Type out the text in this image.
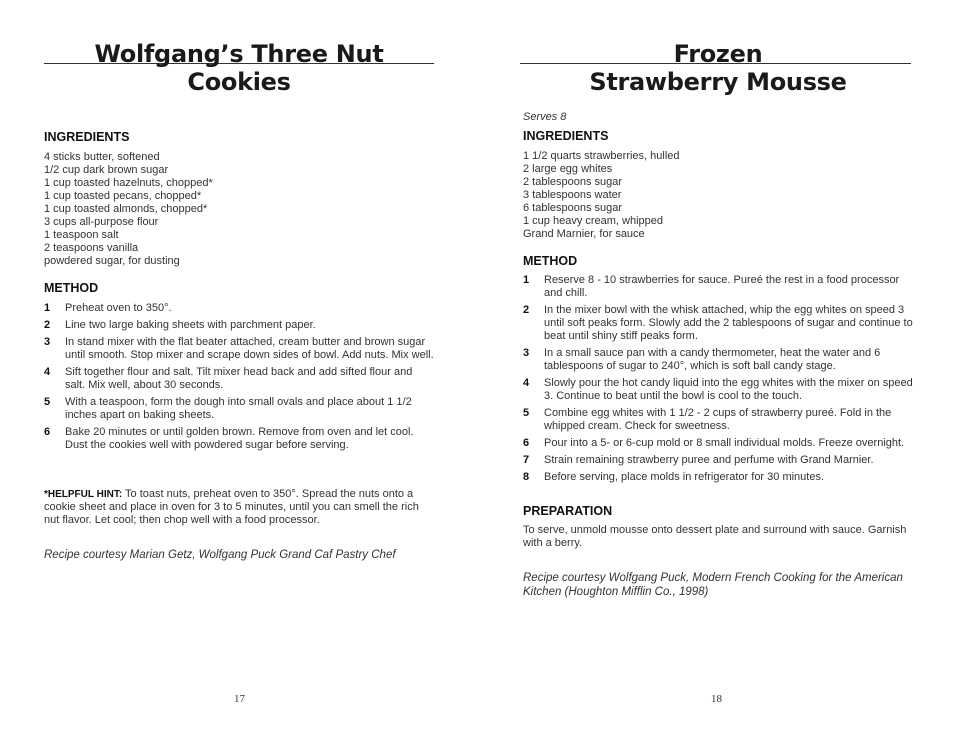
Wolfgang’s Three Nut
Cookies
INGREDIENTS
4 sticks butter, softened
1/2 cup dark brown sugar
1 cup toasted hazelnuts, chopped*
1 cup toasted pecans, chopped*
1 cup toasted almonds, chopped*
3 cups all-purpose flour
1 teaspoon salt
2 teaspoons vanilla
powdered sugar, for dusting
METHOD
1 Preheat oven to 350°.
2 Line two large baking sheets with parchment paper.
3 In stand mixer with the flat beater attached, cream butter and brown sugar until smooth. Stop mixer and scrape down sides of bowl. Add nuts. Mix well.
4 Sift together flour and salt. Tilt mixer head back and add sifted flour and salt. Mix well, about 30 seconds.
5 With a teaspoon, form the dough into small ovals and place about 1 1/2 inches apart on baking sheets.
6 Bake 20 minutes or until golden brown. Remove from oven and let cool. Dust the cookies well with powdered sugar before serving.
*HELPFUL HINT: To toast nuts, preheat oven to 350°. Spread the nuts onto a cookie sheet and place in oven for 3 to 5 minutes, until you can smell the rich nut flavor. Let cool; then chop well with a food processor.
Recipe courtesy Marian Getz, Wolfgang Puck Grand Caf Pastry Chef
17
Frozen
Strawberry Mousse
Serves 8
INGREDIENTS
1 1/2 quarts strawberries, hulled
2 large egg whites
2 tablespoons sugar
3 tablespoons water
6 tablespoons sugar
1 cup heavy cream, whipped
Grand Marnier, for sauce
METHOD
1 Reserve 8 - 10 strawberries for sauce. Pureé the rest in a food processor and chill.
2 In the mixer bowl with the whisk attached, whip the egg whites on speed 3 until soft peaks form. Slowly add the 2 tablespoons of sugar and continue to beat until shiny stiff peaks form.
3 In a small sauce pan with a candy thermometer, heat the water and 6 tablespoons of sugar to 240°, which is soft ball candy stage.
4 Slowly pour the hot candy liquid into the egg whites with the mixer on speed 3. Continue to beat until the bowl is cool to the touch.
5 Combine egg whites with 1 1/2 - 2 cups of strawberry pureé. Fold in the whipped cream. Check for sweetness.
6 Pour into a 5- or 6-cup mold or 8 small individual molds. Freeze overnight.
7 Strain remaining strawberry puree and perfume with Grand Marnier.
8 Before serving, place molds in refrigerator for 30 minutes.
PREPARATION
To serve, unmold mousse onto dessert plate and surround with sauce. Garnish with a berry.
Recipe courtesy Wolfgang Puck, Modern French Cooking for the American Kitchen (Houghton Mifflin Co., 1998)
18
